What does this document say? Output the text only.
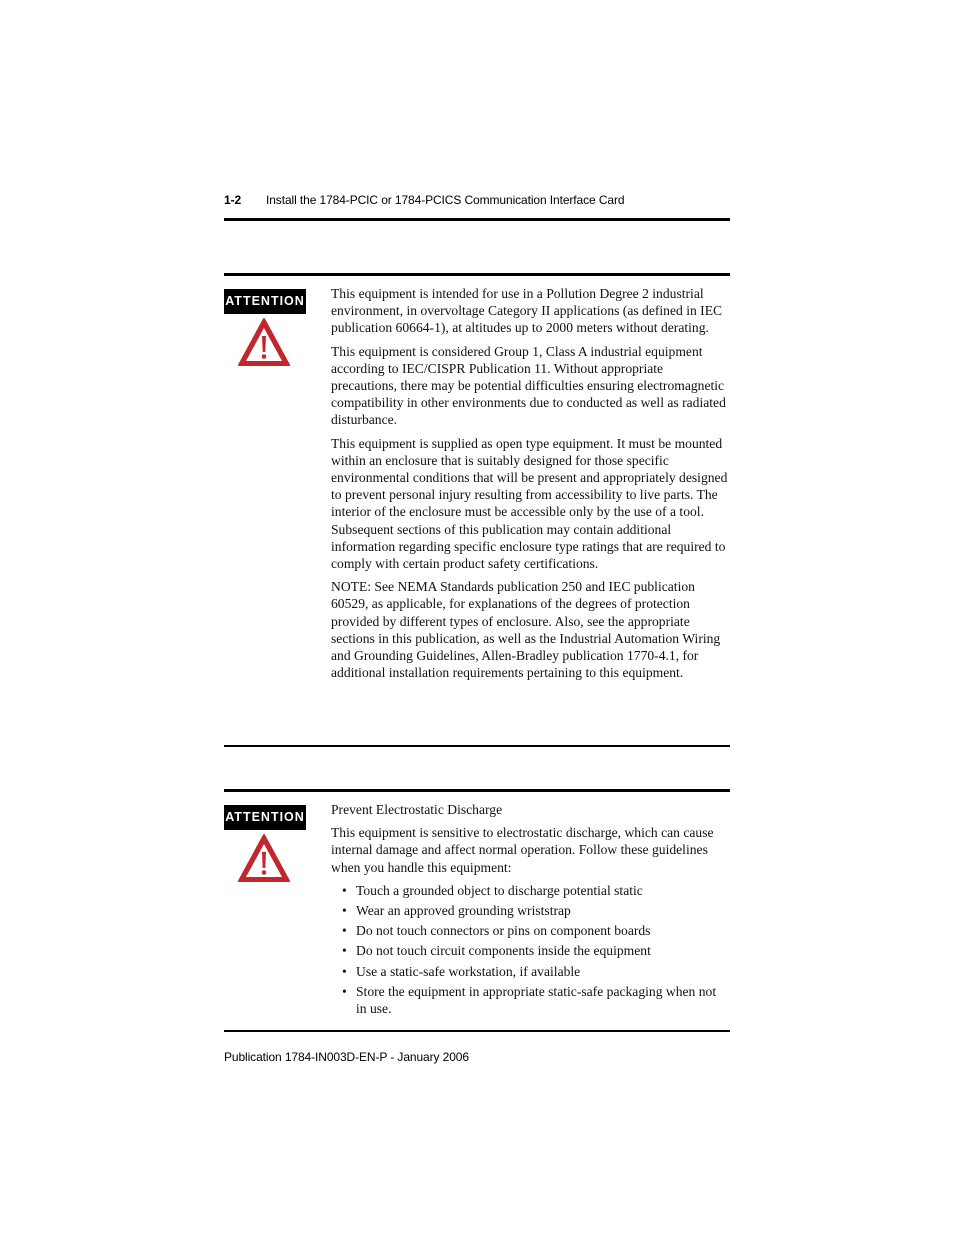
1-2 Install the 1784-PCIC or 1784-PCICS Communication Interface Card
ATTENTION This equipment is intended for use in a Pollution Degree 2 industrial environment, in overvoltage Category II applications (as defined in IEC publication 60664-1), at altitudes up to 2000 meters without derating.

This equipment is considered Group 1, Class A industrial equipment according to IEC/CISPR Publication 11. Without appropriate precautions, there may be potential difficulties ensuring electromagnetic compatibility in other environments due to conducted as well as radiated disturbance.

This equipment is supplied as open type equipment. It must be mounted within an enclosure that is suitably designed for those specific environmental conditions that will be present and appropriately designed to prevent personal injury resulting from accessibility to live parts. The interior of the enclosure must be accessible only by the use of a tool. Subsequent sections of this publication may contain additional information regarding specific enclosure type ratings that are required to comply with certain product safety certifications.

NOTE: See NEMA Standards publication 250 and IEC publication 60529, as applicable, for explanations of the degrees of protection provided by different types of enclosure. Also, see the appropriate sections in this publication, as well as the Industrial Automation Wiring and Grounding Guidelines, Allen-Bradley publication 1770-4.1, for additional installation requirements pertaining to this equipment.

ATTENTION Prevent Electrostatic Discharge

This equipment is sensitive to electrostatic discharge, which can cause internal damage and affect normal operation. Follow these guidelines when you handle this equipment:

• Touch a grounded object to discharge potential static
• Wear an approved grounding wriststrap
• Do not touch connectors or pins on component boards
• Do not touch circuit components inside the equipment
• Use a static-safe workstation, if available
• Store the equipment in appropriate static-safe packaging when not in use.
Publication 1784-IN003D-EN-P - January 2006
